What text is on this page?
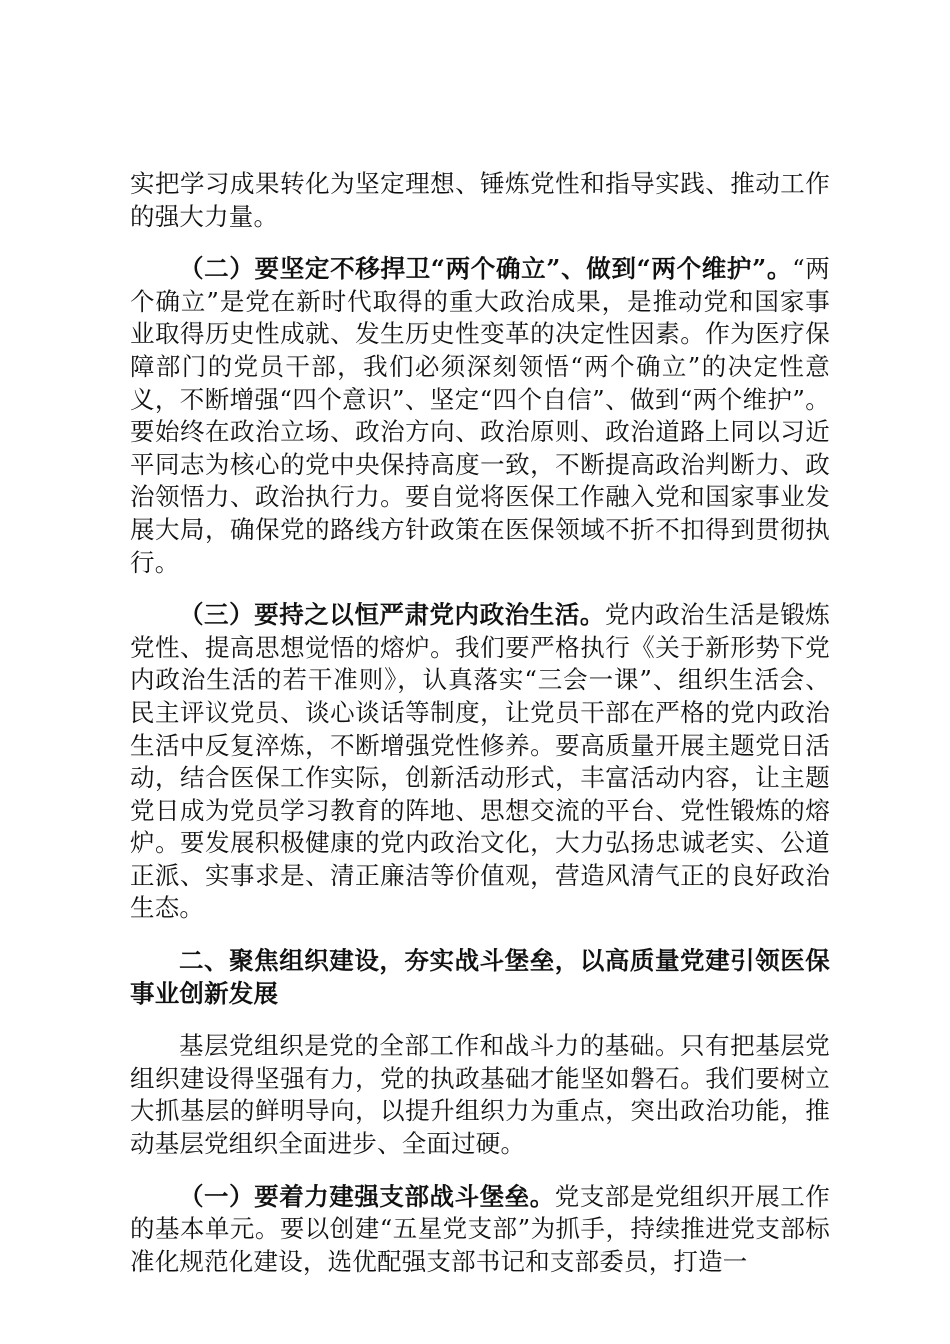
实把学习成果转化为坚定理想、锤炼党性和指导实践、推动工作的强大力量。

（二）要坚定不移捍卫“两个确立”、做到“两个维护”。“两个确立”是党在新时代取得的重大政治成果，是推动党和国家事业取得历史性成就、发生历史性变革的决定性因素。作为医疗保障部门的党员干部，我们必须深刻领悟“两个确立”的决定性意义，不断增强“四个意识”、坚定“四个自信”、做到“两个维护”。要始终在政治立场、政治方向、政治原则、政治道路上同以习近平同志为核心的党中央保持高度一致，不断提高政治判断力、政治领悟力、政治执行力。要自觉将医保工作融入党和国家事业发展大局，确保党的路线方针政策在医保领域不折不扣得到贯彻执行。

（三）要持之以恒严肃党内政治生活。党内政治生活是锻炼党性、提高思想觉悟的熔炉。我们要严格执行《关于新形势下党内政治生活的若干准则》，认真落实“三会一课”、组织生活会、民主评议党员、谈心谈话等制度，让党员干部在严格的党内政治生活中反复淬炼，不断增强党性修养。要高质量开展主题党日活动，结合医保工作实际，创新活动形式，丰富活动内容，让主题党日成为党员学习教育的阵地、思想交流的平台、党性锻炼的熔炉。要发展积极健康的党内政治文化，大力弘扬忠诚老实、公道正派、实事求是、清正廉洁等价值观，营造风清气正的良好政治生态。

二、聚焦组织建设，夯实战斗堡垒，以高质量党建引领医保事业创新发展

基层党组织是党的全部工作和战斗力的基础。只有把基层党组织建设得坚强有力，党的执政基础才能坚如磐石。我们要树立大抓基层的鲜明导向，以提升组织力为重点，突出政治功能，推动基层党组织全面进步、全面过硬。

（一）要着力建强支部战斗堡垒。党支部是党组织开展工作的基本单元。要以创建“五星党支部”为抓手，持续推进党支部标准化规范化建设，选优配强支部书记和支部委员，打造一
